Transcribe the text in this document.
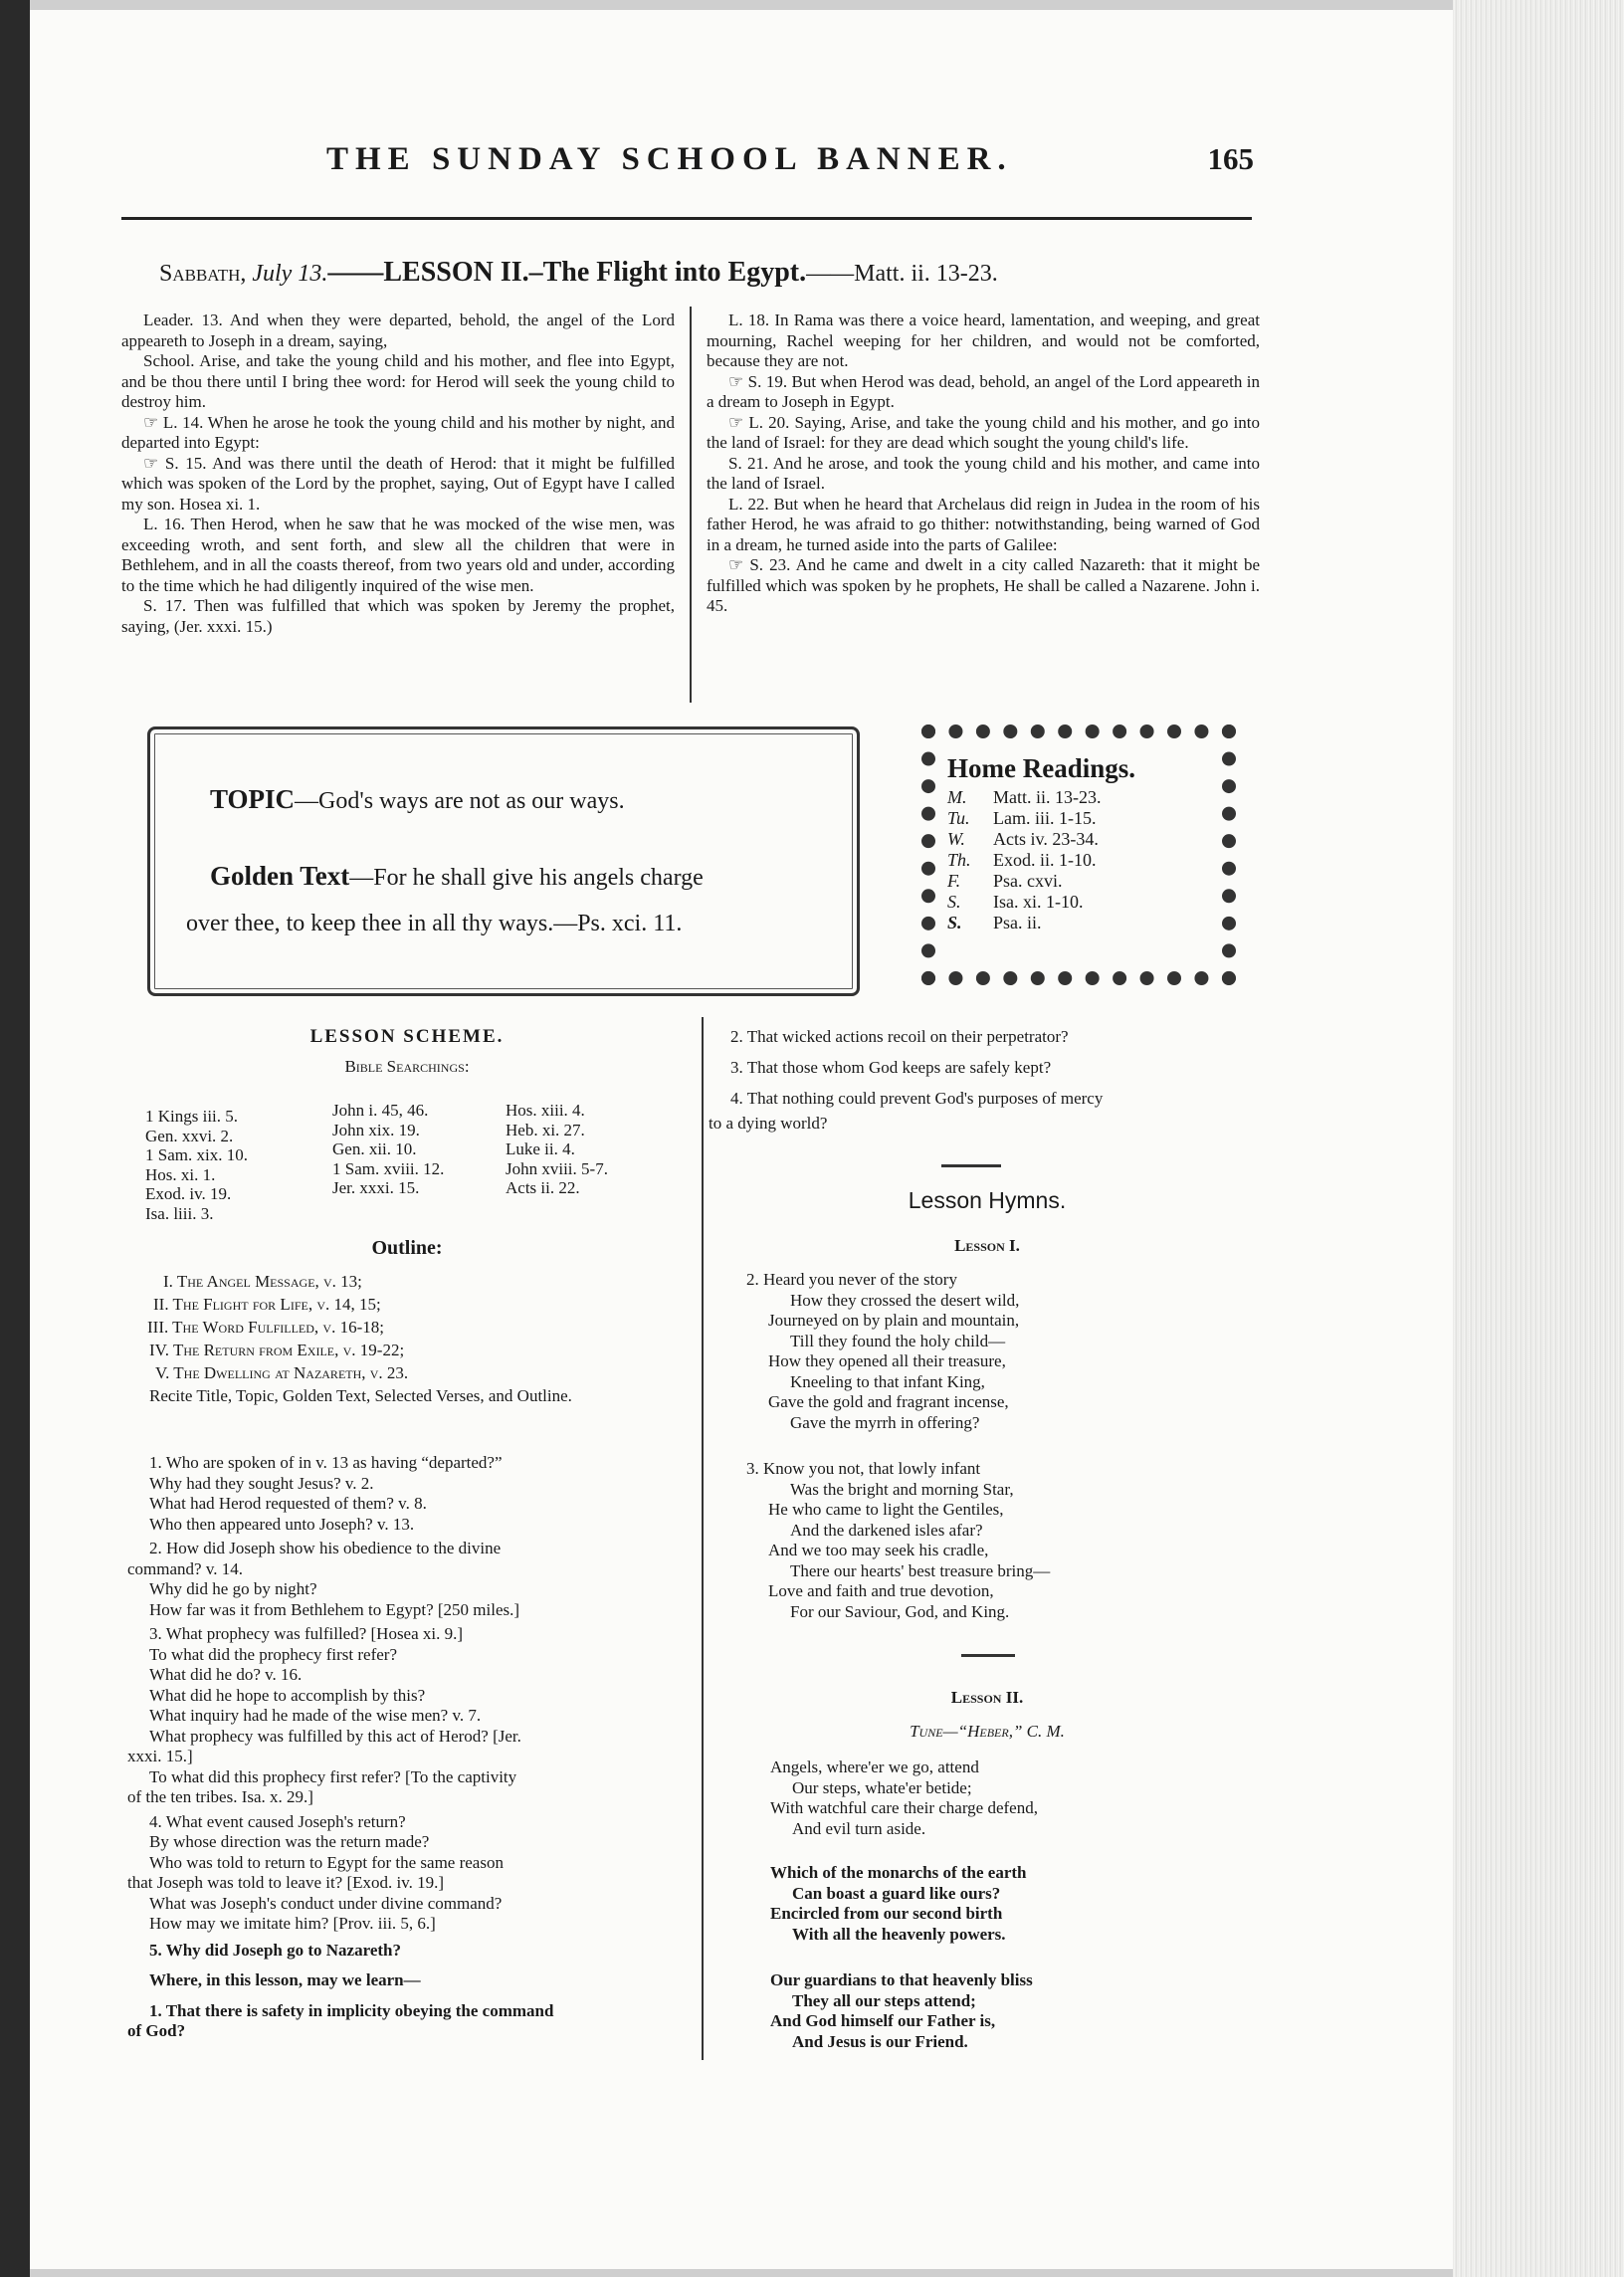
THE SUNDAY SCHOOL BANNER.	165
Sabbath, July 13.——LESSON II.–The Flight into Egypt.——Matt. ii. 13-23.

Leader. 13. And when they were departed, behold, the angel of the Lord appeareth to Joseph in a dream, saying,

School. Arise, and take the young child and his mother, and flee into Egypt, and be thou there until I bring thee word: for Herod will seek the young child to destroy him.

☞ L. 14. When he arose he took the young child and his mother by night, and departed into Egypt:

☞ S. 15. And was there until the death of Herod: that it might be fulfilled which was spoken of the Lord by the prophet, saying, Out of Egypt have I called my son. Hosea xi. 1.

L. 16. Then Herod, when he saw that he was mocked of the wise men, was exceeding wroth, and sent forth, and slew all the children that were in Bethlehem, and in all the coasts thereof, from two years old and under, according to the time which he had diligently inquired of the wise men.

S. 17. Then was fulfilled that which was spoken by Jeremy the prophet, saying, (Jer. xxxi. 15.)

L. 18. In Rama was there a voice heard, lamentation, and weeping, and great mourning, Rachel weeping for her children, and would not be comforted, because they are not.

☞ S. 19. But when Herod was dead, behold, an angel of the Lord appeareth in a dream to Joseph in Egypt.

☞ L. 20. Saying, Arise, and take the young child and his mother, and go into the land of Israel: for they are dead which sought the young child's life.

S. 21. And he arose, and took the young child and his mother, and came into the land of Israel.

L. 22. But when he heard that Archelaus did reign in Judea in the room of his father Herod, he was afraid to go thither: notwithstanding, being warned of God in a dream, he turned aside into the parts of Galilee:

☞ S. 23. And he came and dwelt in a city called Nazareth: that it might be fulfilled which was spoken by he prophets, He shall be called a Nazarene. John i. 45.

TOPIC—God's ways are not as our ways.
Golden Text—For he shall give his angels charge
over thee, to keep thee in all thy ways.—Ps. xci. 11.
Home Readings.
M. Matt. ii. 13-23.
Tu. Lam. iii. 1-15.
W. Acts iv. 23-34.
Th. Exod. ii. 1-10.
F. Psa. cxvi.
S. Isa. xi. 1-10.
S. Psa. ii.
LESSON SCHEME.
Bible Searchings:
1 Kings iii. 5.
Gen. xxvi. 2.
1 Sam. xix. 10.
Hos. xi. 1.
Exod. iv. 19.
Isa. liii. 3.
John i. 45, 46.
John xix. 19.
Gen. xii. 10.
1 Sam. xviii. 12.
Jer. xxxi. 15.
Hos. xiii. 4.
Heb. xi. 27.
Luke ii. 4.
John xviii. 5-7.
Acts ii. 22.
Outline:
I. The Angel Message, v. 13;
II. The Flight for Life, v. 14, 15;
III. The Word Fulfilled, v. 16-18;
IV. The Return from Exile, v. 19-22;
V. The Dwelling at Nazareth, v. 23.
Recite Title, Topic, Golden Text, Selected Verses, and Outline.
1. Who are spoken of in v. 13 as having “departed?”
Why had they sought Jesus? v. 2.
What had Herod requested of them? v. 8.
Who then appeared unto Joseph? v. 13.
2. How did Joseph show his obedience to the divine
command? v. 14.
Why did he go by night?
How far was it from Bethlehem to Egypt? [250 miles.]
3. What prophecy was fulfilled? [Hosea xi. 9.]
To what did the prophecy first refer?
What did he do? v. 16.
What did he hope to accomplish by this?
What inquiry had he made of the wise men? v. 7.
What prophecy was fulfilled by this act of Herod? [Jer.
xxxi. 15.]
To what did this prophecy first refer? [To the captivity
of the ten tribes. Isa. x. 29.]
4. What event caused Joseph's return?
By whose direction was the return made?
Who was told to return to Egypt for the same reason
that Joseph was told to leave it? [Exod. iv. 19.]
What was Joseph's conduct under divine command?
How may we imitate him? [Prov. iii. 5, 6.]
5. Why did Joseph go to Nazareth?
Where, in this lesson, may we learn—
1. That there is safety in implicity obeying the command
of God?
2. That wicked actions recoil on their perpetrator?
3. That those whom God keeps are safely kept?
4. That nothing could prevent God's purposes of mercy
to a dying world?
Lesson Hymns.
Lesson I.
2. Heard you never of the story
How they crossed the desert wild,
Journeyed on by plain and mountain,
Till they found the holy child—
How they opened all their treasure,
Kneeling to that infant King,
Gave the gold and fragrant incense,
Gave the myrrh in offering?
3. Know you not, that lowly infant
Was the bright and morning Star,
He who came to light the Gentiles,
And the darkened isles afar?
And we too may seek his cradle,
There our hearts' best treasure bring—
Love and faith and true devotion,
For our Saviour, God, and King.
Lesson II.
Tune—“Heber,” C. M.
Angels, where'er we go, attend
Our steps, whate'er betide;
With watchful care their charge defend,
And evil turn aside.
Which of the monarchs of the earth
Can boast a guard like ours?
Encircled from our second birth
With all the heavenly powers.
Our guardians to that heavenly bliss
They all our steps attend;
And God himself our Father is,
And Jesus is our Friend.
